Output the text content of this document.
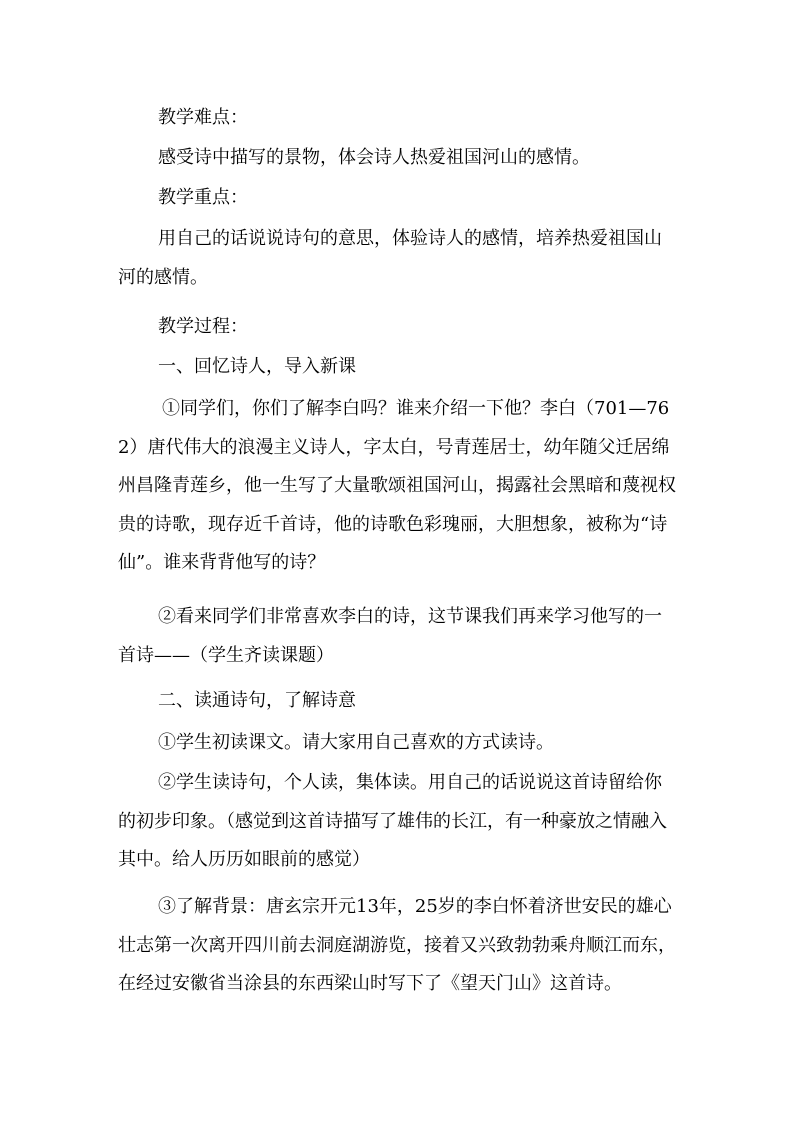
教学难点：

感受诗中描写的景物，体会诗人热爱祖国河山的感情。

教学重点：

用自己的话说说诗句的意思，体验诗人的感情，培养热爱祖国山河的感情。

教学过程：

一、回忆诗人，导入新课

①同学们，你们了解李白吗？谁来介绍一下他？李白（701—762）唐代伟大的浪漫主义诗人，字太白，号青莲居士，幼年随父迁居绵州昌隆青莲乡，他一生写了大量歌颂祖国河山，揭露社会黑暗和蔑视权贵的诗歌，现存近千首诗，他的诗歌色彩瑰丽，大胆想象，被称为“诗仙”。谁来背背他写的诗？

②看来同学们非常喜欢李白的诗，这节课我们再来学习他写的一首诗——（学生齐读课题）

二、读通诗句，了解诗意

①学生初读课文。请大家用自己喜欢的方式读诗。

②学生读诗句，个人读，集体读。用自己的话说说这首诗留给你的初步印象。（感觉到这首诗描写了雄伟的长江，有一种豪放之情融入其中。给人历历如眼前的感觉）

③了解背景：唐玄宗开元13年，25岁的李白怀着济世安民的雄心壮志第一次离开四川前去洞庭湖游览，接着又兴致勃勃乘舟顺江而东，在经过安徽省当涂县的东西梁山时写下了《望天门山》这首诗。
